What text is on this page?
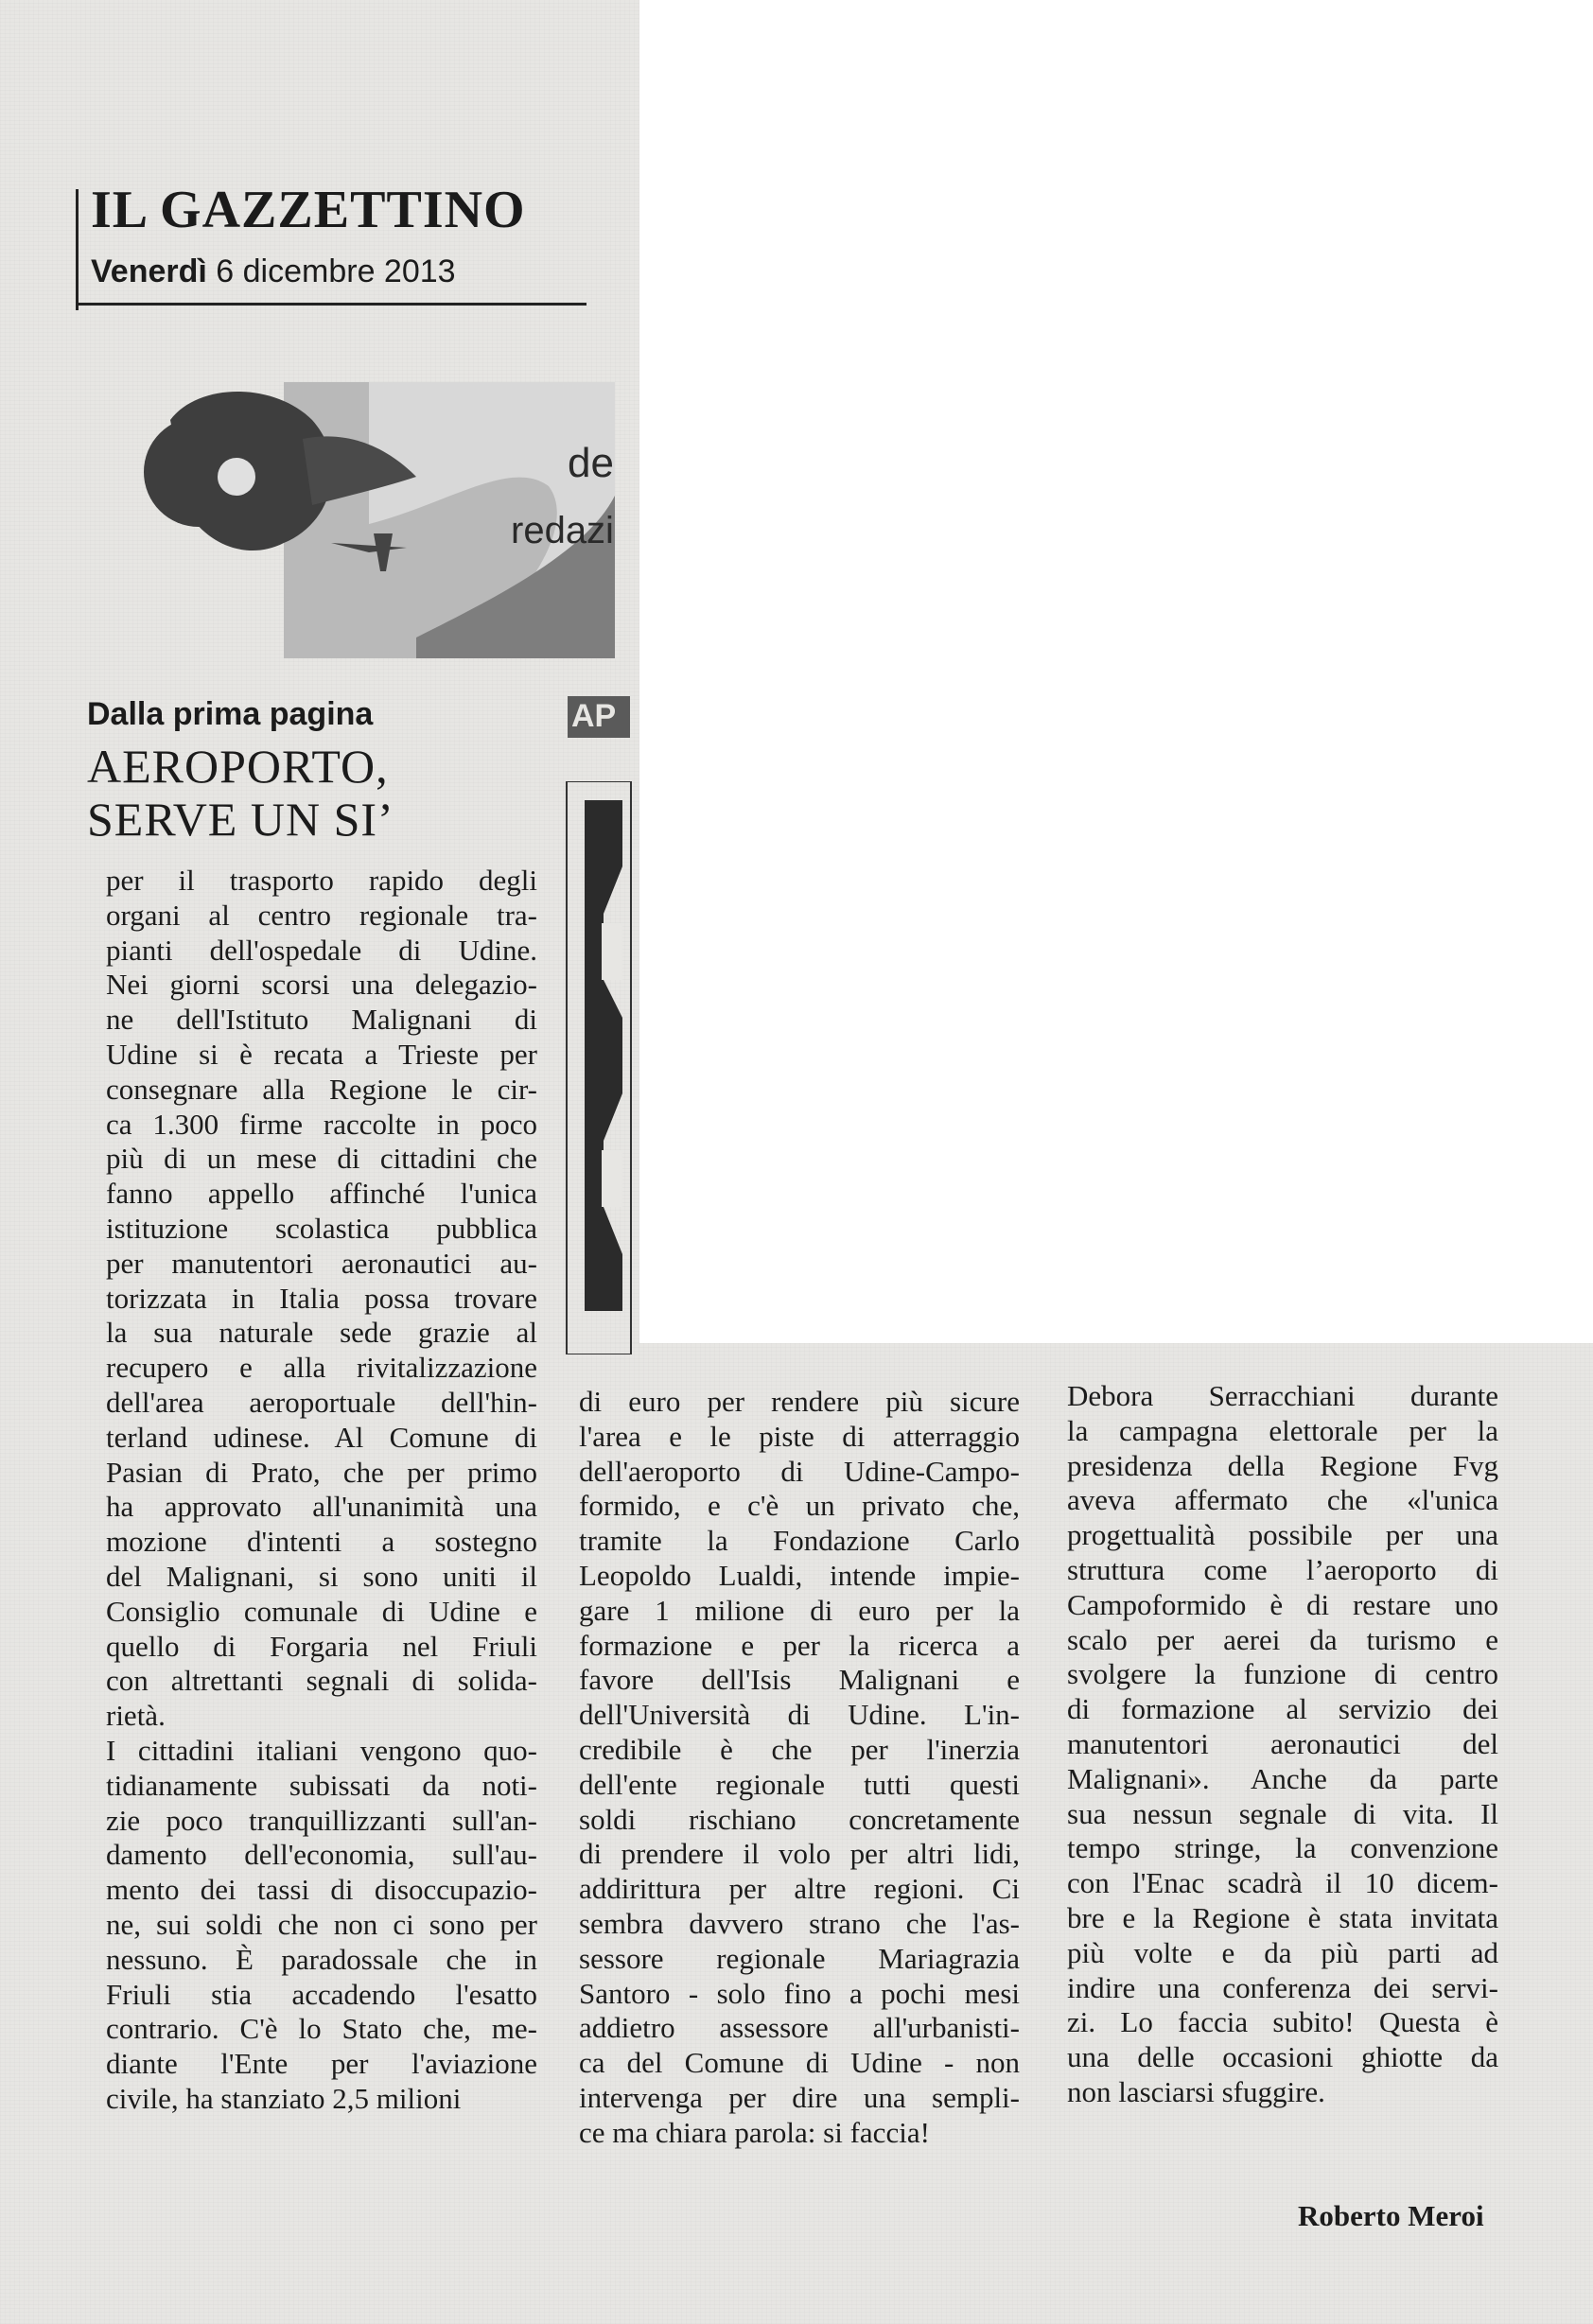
IL GAZZETTINO
Venerdì 6 dicembre 2013
de
redazi
Dalla prima pagina	AP
AEROPORTO,
SERVE UN SI’
per il trasporto rapido degli
organi al centro regionale tra-
pianti dell'ospedale di Udine.
Nei giorni scorsi una delegazio-
ne dell'Istituto Malignani di
Udine si è recata a Trieste per
consegnare alla Regione le cir-
ca 1.300 firme raccolte in poco
più di un mese di cittadini che
fanno appello affinché l'unica
istituzione scolastica pubblica
per manutentori aeronautici au-
torizzata in Italia possa trovare
la sua naturale sede grazie al
recupero e alla rivitalizzazione
dell'area aeroportuale dell'hin-
terland udinese. Al Comune di
Pasian di Prato, che per primo
ha approvato all'unanimità una
mozione d'intenti a sostegno
del Malignani, si sono uniti il
Consiglio comunale di Udine e
quello di Forgaria nel Friuli
con altrettanti segnali di solida-
rietà.
I cittadini italiani vengono quo-
tidianamente subissati da noti-
zie poco tranquillizzanti sull'an-
damento dell'economia, sull'au-
mento dei tassi di disoccupazio-
ne, sui soldi che non ci sono per
nessuno. È paradossale che in
Friuli stia accadendo l'esatto
contrario. C'è lo Stato che, me-
diante l'Ente per l'aviazione
civile, ha stanziato 2,5 milioni
di euro per rendere più sicure
l'area e le piste di atterraggio
dell'aeroporto di Udine-Campo-
formido, e c'è un privato che,
tramite la Fondazione Carlo
Leopoldo Lualdi, intende impie-
gare 1 milione di euro per la
formazione e per la ricerca a
favore dell'Isis Malignani e
dell'Università di Udine. L'in-
credibile è che per l'inerzia
dell'ente regionale tutti questi
soldi rischiano concretamente
di prendere il volo per altri lidi,
addirittura per altre regioni. Ci
sembra davvero strano che l'as-
sessore regionale Mariagrazia
Santoro - solo fino a pochi mesi
addietro assessore all'urbanisti-
ca del Comune di Udine - non
intervenga per dire una sempli-
ce ma chiara parola: si faccia!
Debora Serracchiani durante
la campagna elettorale per la
presidenza della Regione Fvg
aveva affermato che «l'unica
progettualità possibile per una
struttura come l’aeroporto di
Campoformido è di restare uno
scalo per aerei da turismo e
svolgere la funzione di centro
di formazione al servizio dei
manutentori aeronautici del
Malignani». Anche da parte
sua nessun segnale di vita. Il
tempo stringe, la convenzione
con l'Enac scadrà il 10 dicem-
bre e la Regione è stata invitata
più volte e da più parti ad
indire una conferenza dei servi-
zi. Lo faccia subito! Questa è
una delle occasioni ghiotte da
non lasciarsi sfuggire.
Roberto Meroi
